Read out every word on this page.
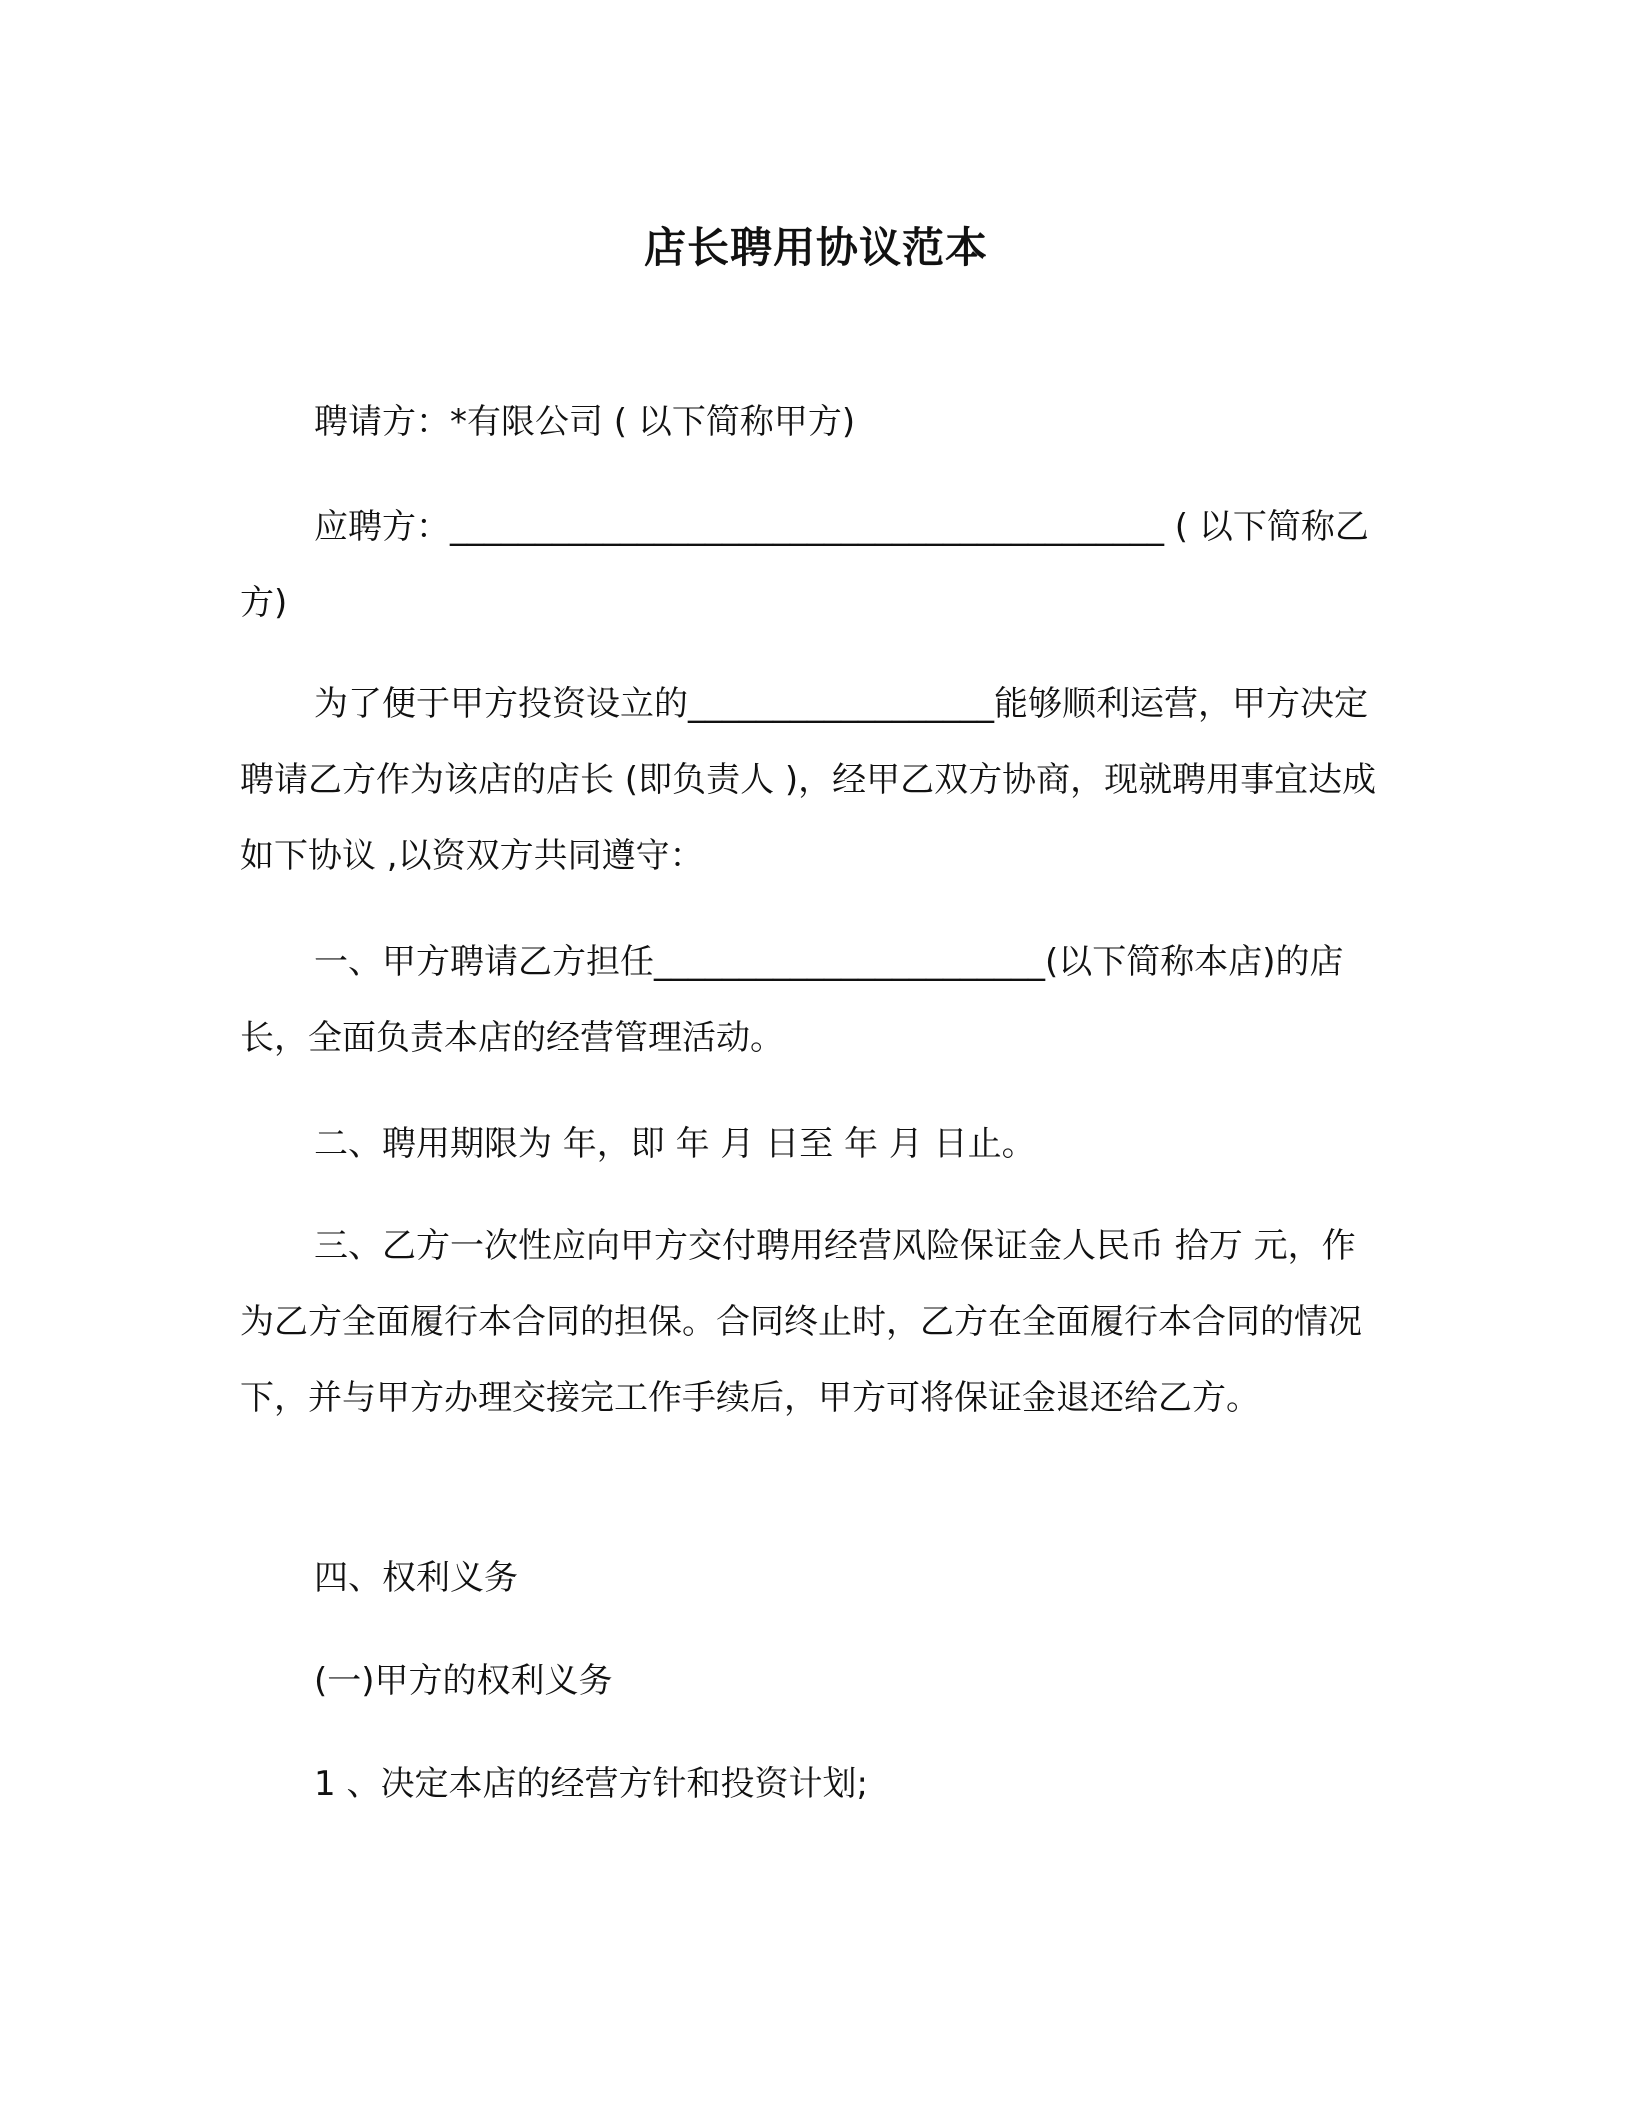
店长聘用协议范本
聘请方：*有限公司 ( 以下简称甲方)
应聘方：__________________________________________ ( 以下简称乙方)
为了便于甲方投资设立的__________________能够顺利运营，甲方决定聘请乙方作为该店的店长 (即负责人 )，经甲乙双方协商，现就聘用事宜达成如下协议 ,以资双方共同遵守：
一、甲方聘请乙方担任_______________________(以下简称本店)的店长，全面负责本店的经营管理活动。
二、聘用期限为 年，即 年 月 日至 年 月 日止。
三、乙方一次性应向甲方交付聘用经营风险保证金人民币 拾万 元，作为乙方全面履行本合同的担保。合同终止时，乙方在全面履行本合同的情况下，并与甲方办理交接完工作手续后，甲方可将保证金退还给乙方。
四、权利义务
(一)甲方的权利义务
1 、决定本店的经营方针和投资计划;
